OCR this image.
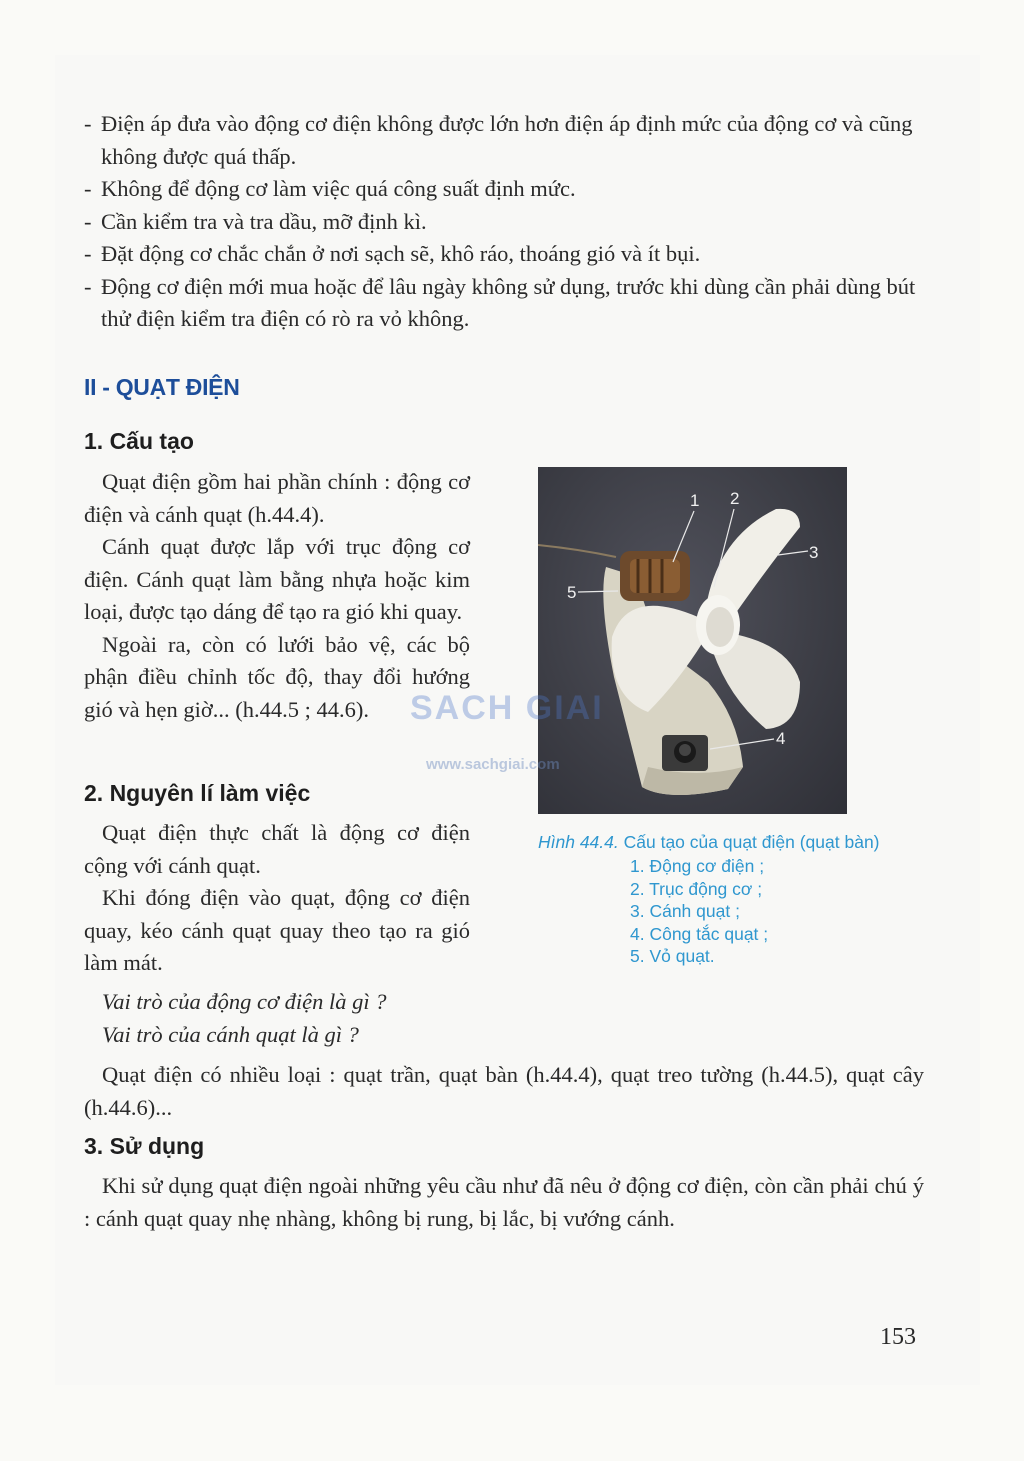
- Điện áp đưa vào động cơ điện không được lớn hơn điện áp định mức của động cơ và cũng không được quá thấp.
- Không để động cơ làm việc quá công suất định mức.
- Cần kiểm tra và tra dầu, mỡ định kì.
- Đặt động cơ chắc chắn ở nơi sạch sẽ, khô ráo, thoáng gió và ít bụi.
- Động cơ điện mới mua hoặc để lâu ngày không sử dụng, trước khi dùng cần phải dùng bút thử điện kiểm tra điện có rò ra vỏ không.
II - QUẠT ĐIỆN
1. Cấu tạo

Quạt điện gồm hai phần chính : động cơ điện và cánh quạt (h.44.4).

Cánh quạt được lắp với trục động cơ điện. Cánh quạt làm bằng nhựa hoặc kim loại, được tạo dáng để tạo ra gió khi quay.

Ngoài ra, còn có lưới bảo vệ, các bộ phận điều chỉnh tốc độ, thay đổi hướng gió và hẹn giờ... (h.44.5 ; 44.6).

2. Nguyên lí làm việc

Quạt điện thực chất là động cơ điện cộng với cánh quạt.

Khi đóng điện vào quạt, động cơ điện quay, kéo cánh quạt quay theo tạo ra gió làm mát.

Vai trò của động cơ điện là gì ?

Vai trò của cánh quạt là gì ?

Quạt điện có nhiều loại : quạt trần, quạt bàn (h.44.4), quạt treo tường (h.44.5), quạt cây (h.44.6)...

3. Sử dụng

Khi sử dụng quạt điện ngoài những yêu cầu như đã nêu ở động cơ điện, còn cần phải chú ý : cánh quạt quay nhẹ nhàng, không bị rung, bị lắc, bị vướng cánh.

1 2
3
4
5
SACH GIAI
www.sachgiai.com
Hình 44.4. Cấu tạo của quạt điện (quạt bàn)
1. Động cơ điện ;
2. Trục động cơ ;
3. Cánh quạt ;
4. Công tắc quạt ;
5. Vỏ quạt.
153
